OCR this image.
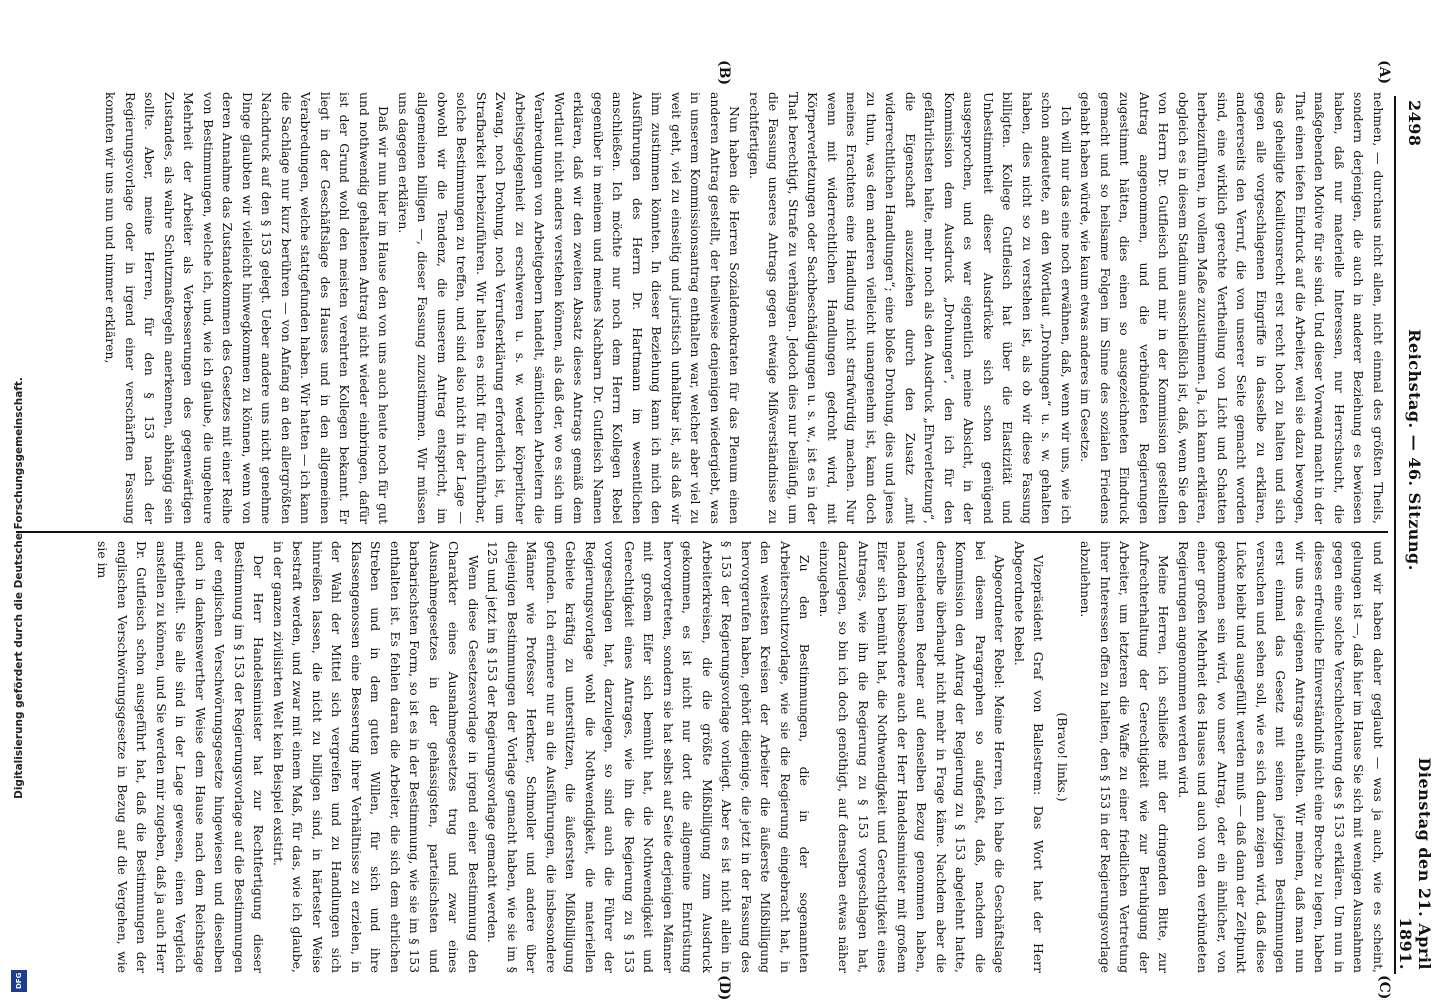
2498
Reichstag. — 46. Sitzung.
Dienstag den 21. April 1891.
(A)
(B)
(C)
(D)

nehmen, — durchaus nicht allen, nicht einmal des größten Theils, sondern derjenigen, die auch in anderer Beziehung es bewiesen haben, daß nur materielle Interessen, nur Herrschsucht, die maßgebenden Motive für sie sind. Und dieser Vorwand macht in der That einen tiefen Eindruck auf die Arbeiter, weil sie dazu bewogen, das geheiligte Koalitionsrecht erst recht hoch zu halten und sich gegen alle vorgeschlagenen Eingriffe in dasselbe zu erklären, andererseits den Verruf, die von unserer Seite gemacht worden sind, eine wirklich gerechte Vertheilung von Licht und Schatten herbeizuführen, in vollem Maße zuzustimmen. Ja, ich kann erklären, obgleich es in diesem Stadium ausschließlich ist, daß, wenn Sie den von Herrn Dr. Gutfleisch und mir in der Kommission gestellten Antrag angenommen, und die verbündeten Regierungen zugestimmt hätten, dies einen so ausgezeichneten Eindruck gemacht und so heilsame Folgen im Sinne des sozialen Friedens gehabt haben würde, wie kaum etwas anderes im Gesetze.

Ich will nur das eine noch erwähnen, daß, wenn wir uns, wie ich schon andeutete, an den Wortlaut „Drohungen“ u. s. w. gehalten haben, dies nicht so zu verstehen ist, als ob wir diese Fassung billigten. Kollege Gutfleisch hat über die Elastizität und Unbestimmtheit dieser Ausdrücke sich schon genügend ausgesprochen, und es war eigentlich meine Absicht, in der Kommission dem Ausdruck „Drohungen“, den ich für den gefährlichsten halte, mehr noch als den Ausdruck „Ehrverletzung“, die Eigenschaft auszuziehen durch den Zusatz „mit widerrechtlichen Handlungen“; eine bloße Drohung, dies und jenes zu thun, was dem anderen vielleicht unangenehm ist, kann doch meines Erachtens eine Handlung nicht strafwürdig machen. Nur wenn mit widerrechtlichen Handlungen gedroht wird, mit Körperverletzungen oder Sachbeschädigungen u. s. w., ist es in der That berechtigt, Strafe zu verhängen. Jedoch dies nur beiläufig, um die Fassung unseres Antrags gegen etwaige Mißverständnisse zu rechtfertigen.

Nun haben die Herren Sozialdemokraten für das Plenum einen anderen Antrag gestellt, der theilweise denjenigen wiedergiebt, was in unserem Kommissionsantrag enthalten war, welcher aber viel zu weit geht, viel zu einseitig und juristisch unhaltbar ist, als daß wir ihm zustimmen könnten. In dieser Beziehung kann ich mich den Ausführungen des Herrn Dr. Hartmann im wesentlichen anschließen. Ich möchte nur noch dem Herrn Kollegen Rebel gegenüber in meinem und meines Nachbarn Dr. Gutfleisch Namen erklären, daß wir den zweiten Absatz dieses Antrags gemäß dem Wortlaut nicht anders verstehen können, als daß der, wo es sich um Verabredungen von Arbeitgebern handelt, sämtlichen Arbeitern die Arbeitsgelegenheit zu erschweren u. s. w. weder körperlicher Zwang, noch Drohung, noch Verrufserklärung erforderlich ist, um Strafbarkeit herbeizuführen. Wir halten es nicht für durchführbar, solche Bestimmungen zu treffen, und sind also nicht in der Lage — obwohl wir die Tendenz, die unserem Antrag entspricht, im allgemeinen billigen —, dieser Fassung zuzustimmen. Wir müssen uns dagegen erklären.

Daß wir nun hier im Hause den von uns auch heute noch für gut und nothwendig gehaltenen Antrag nicht wieder einbringen, dafür ist der Grund wohl den meisten verehrten Kollegen bekannt. Er liegt in der Geschäftslage des Hauses und in den allgemeinen Verabredungen, welche stattgefunden haben. Wir hatten — ich kann die Sachlage nur kurz berühren — von Anfang an den allergrößten Nachdruck auf den § 153 gelegt. Ueber andere uns nicht genehme Dinge glaubten wir vielleicht hinwegkommen zu können, wenn von deren Annahme das Zustandekommen des Gesetzes mit einer Reihe von Bestimmungen, welche ich, und, wie ich glaube, die ungeheure Mehrheit der Arbeiter als Verbesserungen des gegenwärtigen Zustandes, als wahre Schutzmaßregeln anerkennen, abhängig sein sollte. Aber, meine Herren, für den § 153 nach der Regierungsvorlage oder in irgend einer verschärften Fassung konnten wir uns nun und nimmer erklären,

und wir haben daher geglaubt — was ja auch, wie es scheint, gelungen ist —, daß hier im Hause Sie sich mit wenigen Ausnahmen gegen eine solche Verschlechterung des § 153 erklären. Um nun in dieses erfreuliche Einverständniß nicht eine Breche zu legen, haben wir uns des eigenen Antrags enthalten. Wir meinen, daß man nun erst einmal das Gesetz mit seinen jetzigen Bestimmungen versuchen und sehen soll, wie es sich dann zeigen wird, daß diese Lücke bleibt und ausgefüllt werden muß — daß dann der Zeitpunkt gekommen sein wird, wo unser Antrag, oder ein ähnlicher, von einer großen Mehrheit des Hauses und auch von den verbündeten Regierungen angenommen werden wird.

Meine Herren, ich schließe mit der dringenden Bitte, zur Aufrechterhaltung der Gerechtigkeit wie zur Beruhigung der Arbeiter, um letzteren die Waffe zu einer friedlichen Vertretung ihrer Interessen offen zu halten, den § 153 in der Regierungsvorlage abzulehnen.

(Bravo! links.)

Vizepräsident Graf von Ballestrem: Das Wort hat der Herr Abgeordnete Rebel.

Abgeordneter Rebel: Meine Herren, ich habe die Geschäftslage bei diesem Paragraphen so aufgefaßt, daß, nachdem die Kommission den Antrag der Regierung zu § 153 abgelehnt hatte, derselbe überhaupt nicht mehr in Frage käme. Nachdem aber die verschiedenen Redner auf denselben Bezug genommen haben, nachdem insbesondere auch der Herr Handelsminister mit großem Eifer sich bemüht hat, die Nothwendigkeit und Gerechtigkeit eines Antrages, wie ihn die Regierung zu § 153 vorgeschlagen hat, darzulegen, so bin ich doch genöthigt, auf denselben etwas näher einzugehen.

Zu den Bestimmungen, die in der sogenannten Arbeiterschutzvorlage, wie sie die Regierung eingebracht hat, in den weitesten Kreisen der Arbeiter die äußerste Mißbilligung hervorgerufen haben, gehört diejenige, die jetzt in der Fassung des § 153 der Regierungsvorlage vorliegt. Aber es ist nicht allein in Arbeiterkreisen, die die größte Mißbilligung zum Ausdruck gekommen, es ist nicht nur dort die allgemeine Entrüstung hervorgetreten, sondern sie hat selbst auf Seite derjenigen Männer mit großem Eifer sich bemüht hat, die Nothwendigkeit und Gerechtigkeit eines Antrages, wie ihn die Regierung zu § 153 vorgeschlagen hat, darzulegen, so sind auch die Führer der Regierungsvorlage wohl die Nothwendigkeit, die materiellen Gebiete kräftig zu unterstützen, die äußersten Mißbilligung gefunden. Ich erinnere nur an die Ausführungen, die insbesondere Männer wie Professor Herkner, Schmoller und andere über diejenigen Bestimmungen der Vorlage gemacht haben, wie sie im § 125 und jetzt im § 153 der Regierungsvorlage gemacht werden.

Wenn diese Gesetzesvorlage in irgend einer Bestimmung den Charakter eines Ausnahmegesetzes trug und zwar eines Ausnahmegesetzes in der gehässigsten, parteiischsten und barbarischsten Form, so ist es in der Bestimmung, wie sie im § 153 enthalten ist. Es fehlen daran die Arbeiter, die sich dem ehrlichen Streben und in dem guten Willen, für sich und ihre Klassengenossen eine Besserung ihrer Verhältnisse zu erzielen, in der Wahl der Mittel sich vergreifen und zu Handlungen sich hinreißen lassen, die nicht zu billigen sind, in härtester Weise bestraft werden, und zwar mit einem Maß, für das, wie ich glaube, in der ganzen zivilisirten Welt kein Beispiel existirt.

Der Herr Handelsminister hat zur Rechtfertigung dieser Bestimmung im § 153 der Regierungsvorlage auf die Bestimmungen der englischen Verschwörungsgesetze hingewiesen und dieselben auch in dankenswerther Weise dem Hause nach dem Reichstage mitgetheilt. Sie alle sind in der Lage gewesen, einen Vergleich anstellen zu können, und Sie werden mir zugeben, daß ja auch Herr Dr. Gutfleisch schon ausgeführt hat, daß die Bestimmungen der englischen Verschwörungsgesetze in Bezug auf die Vergehen, wie sie im

Digitalisierung gefördert durch die Deutsche Forschungsgemeinschaft.
DFG
